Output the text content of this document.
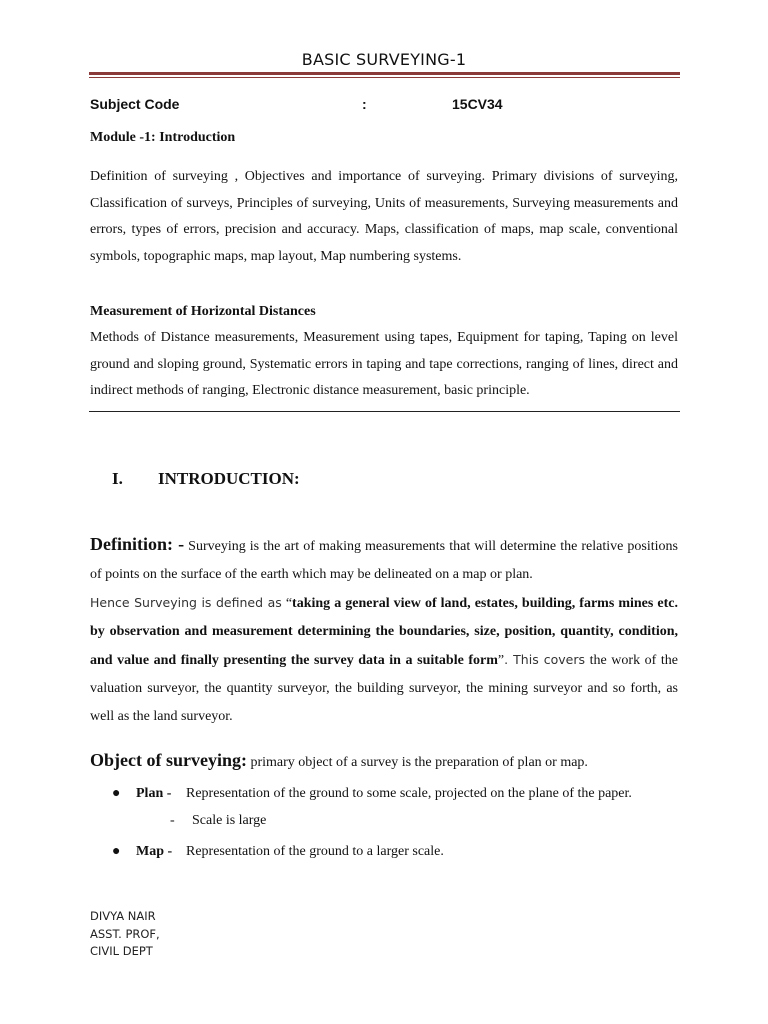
BASIC SURVEYING-1
Subject Code	:	15CV34
Module -1: Introduction
Definition of surveying , Objectives and importance of surveying. Primary divisions of surveying, Classification of surveys, Principles of surveying, Units of measurements, Surveying measurements and errors, types of errors, precision and accuracy. Maps, classification of maps, map scale, conventional symbols, topographic maps, map layout, Map numbering systems.
Measurement of Horizontal Distances
Methods of Distance measurements, Measurement using tapes, Equipment for taping, Taping on level ground and sloping ground, Systematic errors in taping and tape corrections, ranging of lines, direct and indirect methods of ranging, Electronic distance measurement, basic principle.
I. INTRODUCTION:
Definition: - Surveying is the art of making measurements that will determine the relative positions of points on the surface of the earth which may be delineated on a map or plan.
Hence Surveying is defined as “taking a general view of land, estates, building, farms mines etc. by observation and measurement determining the boundaries, size, position, quantity, condition, and value and finally presenting the survey data in a suitable form”. This covers the work of the valuation surveyor, the quantity surveyor, the building surveyor, the mining surveyor and so forth, as well as the land surveyor.
Object of surveying: primary object of a survey is the preparation of plan or map.
● Plan - Representation of the ground to some scale, projected on the plane of the paper.
- Scale is large
● Map - Representation of the ground to a larger scale.
DIVYA NAIR
ASST. PROF,
CIVIL DEPT
